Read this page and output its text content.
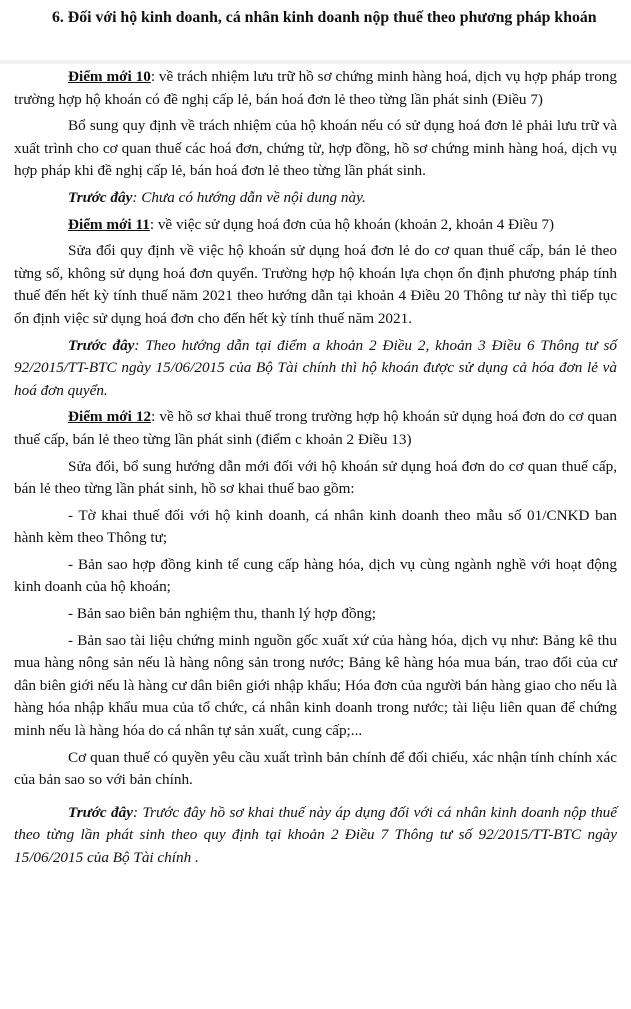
6. Đối với hộ kinh doanh, cá nhân kinh doanh nộp thuế theo phương pháp khoán

Điểm mới 10: về trách nhiệm lưu trữ hồ sơ chứng minh hàng hoá, dịch vụ hợp pháp trong trường hợp hộ khoán có đề nghị cấp lẻ, bán hoá đơn lẻ theo từng lần phát sinh (Điều 7)

Bổ sung quy định về trách nhiệm của hộ khoán nếu có sử dụng hoá đơn lẻ phải lưu trữ và xuất trình cho cơ quan thuế các hoá đơn, chứng từ, hợp đồng, hồ sơ chứng minh hàng hoá, dịch vụ hợp pháp khi đề nghị cấp lẻ, bán hoá đơn lẻ theo từng lần phát sinh.

Trước đây: Chưa có hướng dẫn về nội dung này.

Điểm mới 11: về việc sử dụng hoá đơn của hộ khoán (khoản 2, khoản 4 Điều 7)

Sửa đổi quy định về việc hộ khoán sử dụng hoá đơn lẻ do cơ quan thuế cấp, bán lẻ theo từng số, không sử dụng hoá đơn quyển. Trường hợp hộ khoán lựa chọn ổn định phương pháp tính thuế đến hết kỳ tính thuế năm 2021 theo hướng dẫn tại khoản 4 Điều 20 Thông tư này thì tiếp tục ổn định việc sử dụng hoá đơn cho đến hết kỳ tính thuế năm 2021.

Trước đây: Theo hướng dẫn tại điểm a khoản 2 Điều 2, khoản 3 Điều 6 Thông tư số 92/2015/TT-BTC ngày 15/06/2015 của Bộ Tài chính thì hộ khoán được sử dụng cả hóa đơn lẻ và hoá đơn quyển.

Điểm mới 12: về hồ sơ khai thuế trong trường hợp hộ khoán sử dụng hoá đơn do cơ quan thuế cấp, bán lẻ theo từng lần phát sinh (điểm c khoản 2 Điều 13)

Sửa đổi, bổ sung hướng dẫn mới đối với hộ khoán sử dụng hoá đơn do cơ quan thuế cấp, bán lẻ theo từng lần phát sinh, hồ sơ khai thuế bao gồm:

- Tờ khai thuế đối với hộ kinh doanh, cá nhân kinh doanh theo mẫu số 01/CNKD ban hành kèm theo Thông tư;

- Bản sao hợp đồng kinh tế cung cấp hàng hóa, dịch vụ cùng ngành nghề với hoạt động kinh doanh của hộ khoán;

- Bản sao biên bản nghiệm thu, thanh lý hợp đồng;

- Bản sao tài liệu chứng minh nguồn gốc xuất xứ của hàng hóa, dịch vụ như: Bảng kê thu mua hàng nông sản nếu là hàng nông sản trong nước; Bảng kê hàng hóa mua bán, trao đổi của cư dân biên giới nếu là hàng cư dân biên giới nhập khẩu; Hóa đơn của người bán hàng giao cho nếu là hàng hóa nhập khẩu mua của tổ chức, cá nhân kinh doanh trong nước; tài liệu liên quan để chứng minh nếu là hàng hóa do cá nhân tự sản xuất, cung cấp;...

Cơ quan thuế có quyền yêu cầu xuất trình bản chính để đối chiếu, xác nhận tính chính xác của bản sao so với bản chính.

Trước đây: Trước đây hồ sơ khai thuế này áp dụng đối với cá nhân kinh doanh nộp thuế theo từng lần phát sinh theo quy định tại khoản 2 Điều 7 Thông tư số 92/2015/TT-BTC ngày 15/06/2015 của Bộ Tài chính .
